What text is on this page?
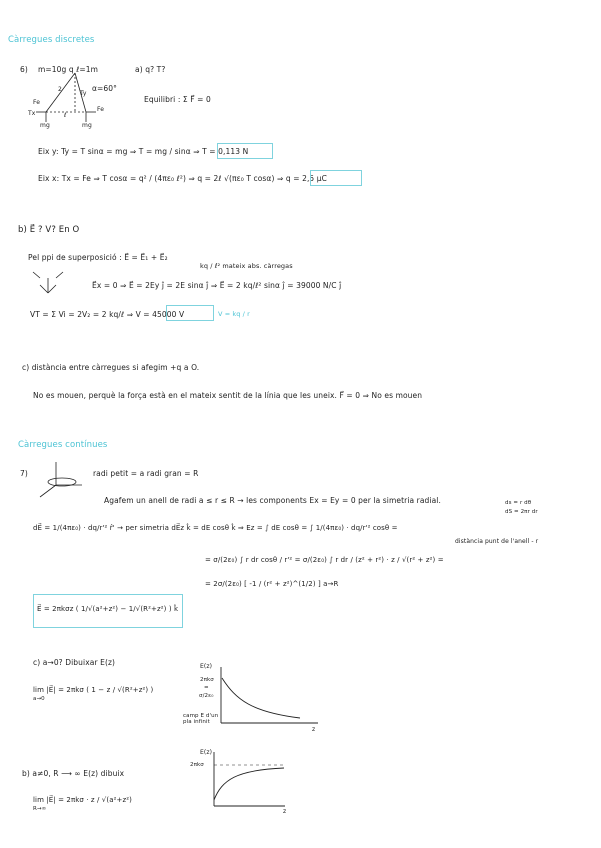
Càrregues discretes
6) m=10g q ℓ=1m	a) q? T?
α=60°
Equilibri : Σ F⃗ = 0
Fe
Fe
mg	mg
ℓ
2
Ty
Tx
Eix y: Ty = T sinα = mg ⇒ T = mg / sinα ⇒ T = 0,113 N
Eix x: Tx = Fe ⇒ T cosα = q² / (4πε₀ ℓ²) ⇒ q = 2ℓ √(πε₀ T cosα) ⇒ q = 2,5 μC
b) E⃗ ? V? En O
Pel ppi de superposició : E⃗ = E⃗₁ + E⃗₂
kq / ℓ² mateix abs. càrregas
E⃗x = 0 ⇒ E⃗ = 2Ey ĵ = 2E sinα ĵ ⇒ E⃗ = 2 kq/ℓ² sinα ĵ = 39000 N/C ĵ
VT = Σ Vi = 2V₂ = 2 kq/ℓ ⇒ V = 45000 V	V = kq / r
c) distància entre càrregues si afegim +q a O.
No es mouen, perquè la força està en el mateix sentit de la línia que les uneix. F⃗ = 0 ⇒ No es mouen
Càrregues contínues
7)	radi petit = a radi gran = R
Agafem un anell de radi a ≤ r ≤ R → les components Ex = Ey = 0 per la simetria radial.	ds = r dθ
dS = 2πr dr
dE⃗ = 1/(4πε₀) · dq/r'² r̂' → per simetria dE⃗z k̂ = dE cosθ k̂ ⇒ Ez = ∫ dE cosθ = ∫ 1/(4πε₀) · dq/r'² cosθ =
distància punt de l'anell - r
= σ/(2ε₀) ∫ r dr cosθ / r'² = σ/(2ε₀) ∫ r dr / (z² + r²) · z / √(r² + z²) =
= 2σ/(2ε₀) [ -1 / (r² + z²)^(1/2) ] a→R
E⃗ = 2πkσz ( 1/√(a²+z²) − 1/√(R²+z²) ) k̂
c) a→0? Dibuixar E(z)
lim |E⃗| = 2πkσ ( 1 − z / √(R²+z²) )
a→0
E(z)
2πkσ
=
σ/2ε₀
camp E d'un pla infinit
z
b) a≠0, R ⟶ ∞ E(z) dibuix
lim |E⃗| = 2πkσ · z / √(a²+z²)
R→∞
E(z)
2πkσ
z
